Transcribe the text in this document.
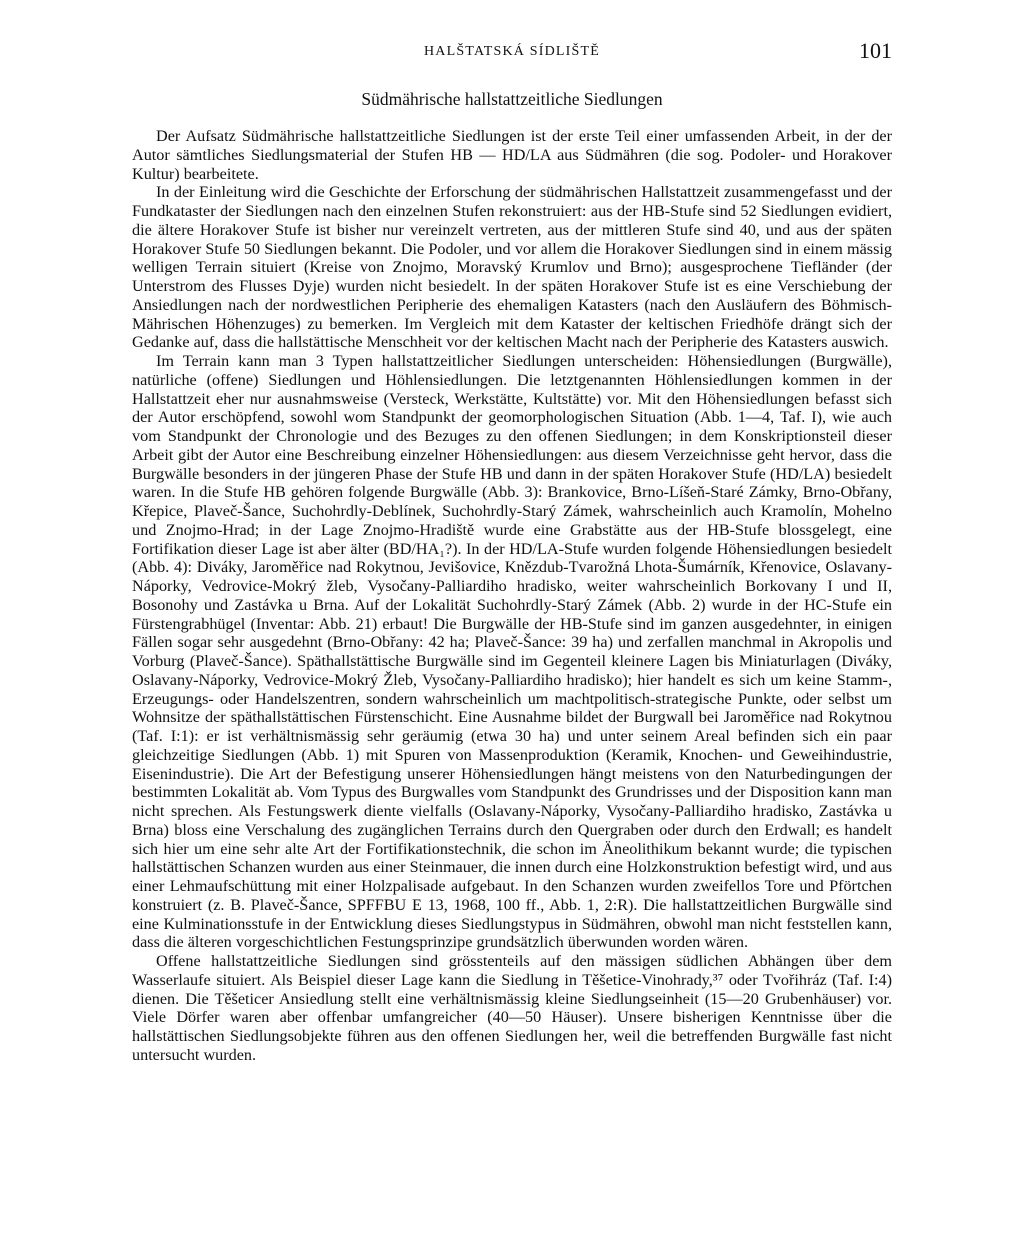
HALŠTATSKÁ SÍDLIŠTĚ	101
Südmährische hallstattzeitliche Siedlungen

Der Aufsatz Südmährische hallstattzeitliche Siedlungen ist der erste Teil einer umfassenden Arbeit, in der der Autor sämtliches Siedlungsmaterial der Stufen HB — HD/LA aus Südmähren (die sog. Podoler- und Horakover Kultur) bearbeitete.

In der Einleitung wird die Geschichte der Erforschung der südmährischen Hallstattzeit zusammengefasst und der Fundkataster der Siedlungen nach den einzelnen Stufen rekonstruiert: aus der HB-Stufe sind 52 Siedlungen evidiert, die ältere Horakover Stufe ist bisher nur vereinzelt vertreten, aus der mittleren Stufe sind 40, und aus der späten Horakover Stufe 50 Siedlungen bekannt. Die Podoler, und vor allem die Horakover Siedlungen sind in einem mässig welligen Terrain situiert (Kreise von Znojmo, Moravský Krumlov und Brno); ausgesprochene Tiefländer (der Unterstrom des Flusses Dyje) wurden nicht besiedelt. In der späten Horakover Stufe ist es eine Verschiebung der Ansiedlungen nach der nordwestlichen Peripherie des ehemaligen Katasters (nach den Ausläufern des Böhmisch-Mährischen Höhenzuges) zu bemerken. Im Vergleich mit dem Kataster der keltischen Friedhöfe drängt sich der Gedanke auf, dass die hallstättische Menschheit vor der keltischen Macht nach der Peripherie des Katasters auswich.

Im Terrain kann man 3 Typen hallstattzeitlicher Siedlungen unterscheiden: Höhensiedlungen (Burgwälle), natürliche (offene) Siedlungen und Höhlensiedlungen. Die letztgenannten Höhlensiedlungen kommen in der Hallstattzeit eher nur ausnahmsweise (Versteck, Werkstätte, Kultstätte) vor. Mit den Höhensiedlungen befasst sich der Autor erschöpfend, sowohl wom Standpunkt der geomorphologischen Situation (Abb. 1—4, Taf. I), wie auch vom Standpunkt der Chronologie und des Bezuges zu den offenen Siedlungen; in dem Konskriptionsteil dieser Arbeit gibt der Autor eine Beschreibung einzelner Höhensiedlungen: aus diesem Verzeichnisse geht hervor, dass die Burgwälle besonders in der jüngeren Phase der Stufe HB und dann in der späten Horakover Stufe (HD/LA) besiedelt waren. In die Stufe HB gehören folgende Burgwälle (Abb. 3): Brankovice, Brno-Líšeň-Staré Zámky, Brno-Obřany, Křepice, Plaveč-Šance, Suchohrdly-Deblínek, Suchohrdly-Starý Zámek, wahrscheinlich auch Kramolín, Mohelno und Znojmo-Hrad; in der Lage Znojmo-Hradiště wurde eine Grabstätte aus der HB-Stufe blossgelegt, eine Fortifikation dieser Lage ist aber älter (BD/HA₁?). In der HD/LA-Stufe wurden folgende Höhensiedlungen besiedelt (Abb. 4): Diváky, Jaroměřice nad Rokytnou, Jevišovice, Knězdub-Tvarožná Lhota-Šumárník, Křenovice, Oslavany-Náporky, Vedrovice-Mokrý žleb, Vysočany-Palliardiho hradisko, weiter wahrscheinlich Borkovany I und II, Bosonohy und Zastávka u Brna. Auf der Lokalität Suchohrdly-Starý Zámek (Abb. 2) wurde in der HC-Stufe ein Fürstengrabhügel (Inventar: Abb. 21) erbaut! Die Burgwälle der HB-Stufe sind im ganzen ausgedehnter, in einigen Fällen sogar sehr ausgedehnt (Brno-Obřany: 42 ha; Plaveč-Šance: 39 ha) und zerfallen manchmal in Akropolis und Vorburg (Plaveč-Šance). Späthallstättische Burgwälle sind im Gegenteil kleinere Lagen bis Miniaturlagen (Diváky, Oslavany-Náporky, Vedrovice-Mokrý Žleb, Vysočany-Palliardiho hradisko); hier handelt es sich um keine Stamm-, Erzeugungs- oder Handelszentren, sondern wahrscheinlich um machtpolitisch-strategische Punkte, oder selbst um Wohnsitze der späthallstättischen Fürstenschicht. Eine Ausnahme bildet der Burgwall bei Jaroměřice nad Rokytnou (Taf. I:1): er ist verhältnismässig sehr geräumig (etwa 30 ha) und unter seinem Areal befinden sich ein paar gleichzeitige Siedlungen (Abb. 1) mit Spuren von Massenproduktion (Keramik, Knochen- und Geweihindustrie, Eisenindustrie). Die Art der Befestigung unserer Höhensiedlungen hängt meistens von den Naturbedingungen der bestimmten Lokalität ab. Vom Typus des Burgwalles vom Standpunkt des Grundrisses und der Disposition kann man nicht sprechen. Als Festungswerk diente vielfalls (Oslavany-Náporky, Vysočany-Palliardiho hradisko, Zastávka u Brna) bloss eine Verschalung des zugänglichen Terrains durch den Quergraben oder durch den Erdwall; es handelt sich hier um eine sehr alte Art der Fortifikationstechnik, die schon im Äneolithikum bekannt wurde; die typischen hallstättischen Schanzen wurden aus einer Steinmauer, die innen durch eine Holzkonstruktion befestigt wird, und aus einer Lehmaufschüttung mit einer Holzpalisade aufgebaut. In den Schanzen wurden zweifellos Tore und Pförtchen konstruiert (z. B. Plaveč-Šance, SPFFBU E 13, 1968, 100 ff., Abb. 1, 2:R). Die hallstattzeitlichen Burgwälle sind eine Kulminationsstufe in der Entwicklung dieses Siedlungstypus in Südmähren, obwohl man nicht feststellen kann, dass die älteren vorgeschichtlichen Festungsprinzipe grundsätzlich überwunden worden wären.

Offene hallstattzeitliche Siedlungen sind grösstenteils auf den mässigen südlichen Abhängen über dem Wasserlaufe situiert. Als Beispiel dieser Lage kann die Siedlung in Těšetice-Vinohrady,³⁷ oder Tvořihráz (Taf. I:4) dienen. Die Těšeticer Ansiedlung stellt eine verhältnismässig kleine Siedlungseinheit (15—20 Grubenhäuser) vor. Viele Dörfer waren aber offenbar umfangreicher (40—50 Häuser). Unsere bisherigen Kenntnisse über die hallstättischen Siedlungsobjekte führen aus den offenen Siedlungen her, weil die betreffenden Burgwälle fast nicht untersucht wurden.
